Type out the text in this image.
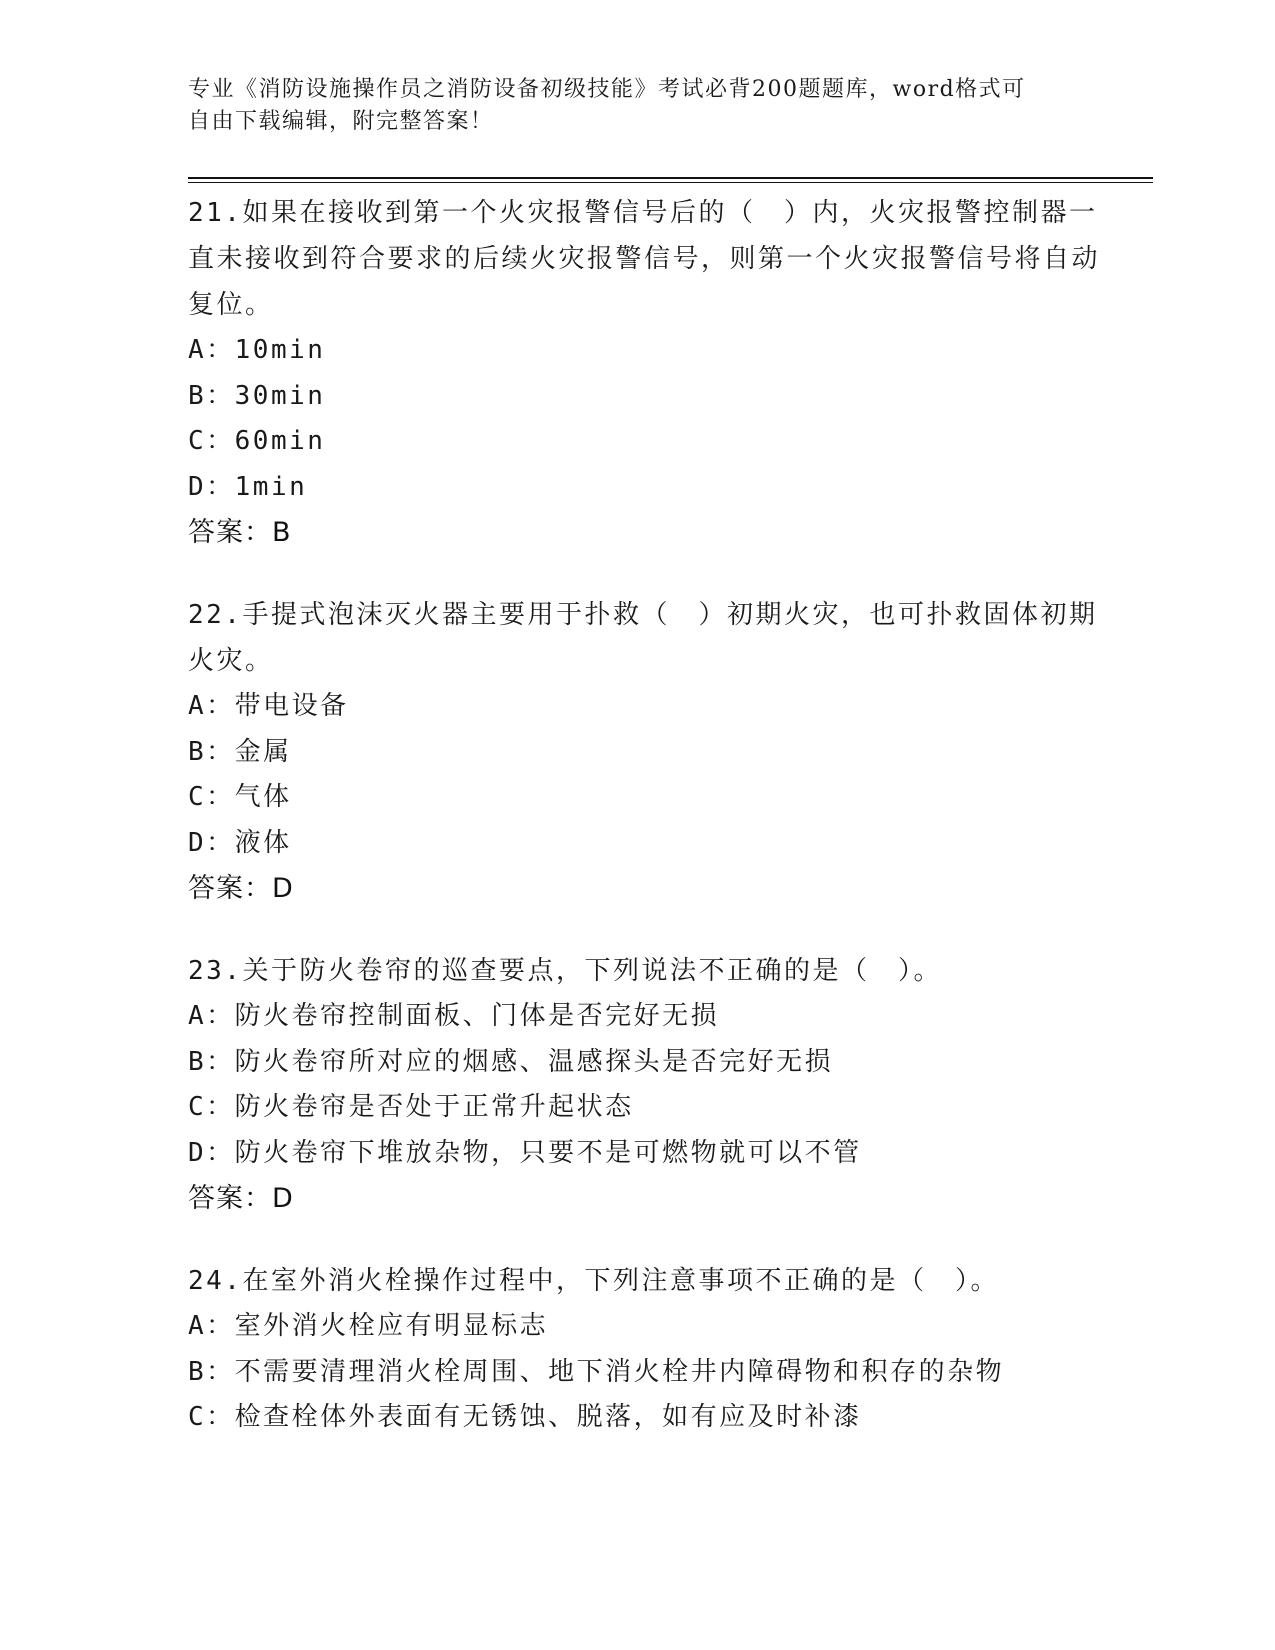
专业《消防设施操作员之消防设备初级技能》考试必背200题题库，word格式可
自由下载编辑，附完整答案！
21.如果在接收到第一个火灾报警信号后的（　）内，火灾报警控制器一直未接收到符合要求的后续火灾报警信号，则第一个火灾报警信号将自动复位。
A：10min
B：30min
C：60min
D：1min
答案：B
22.手提式泡沫灭火器主要用于扑救（　）初期火灾，也可扑救固体初期火灾。
A：带电设备
B：金属
C：气体
D：液体
答案：D
23.关于防火卷帘的巡查要点，下列说法不正确的是（　）。
A：防火卷帘控制面板、门体是否完好无损
B：防火卷帘所对应的烟感、温感探头是否完好无损
C：防火卷帘是否处于正常升起状态
D：防火卷帘下堆放杂物，只要不是可燃物就可以不管
答案：D
24.在室外消火栓操作过程中，下列注意事项不正确的是（　）。
A：室外消火栓应有明显标志
B：不需要清理消火栓周围、地下消火栓井内障碍物和积存的杂物
C：检查栓体外表面有无锈蚀、脱落，如有应及时补漆
